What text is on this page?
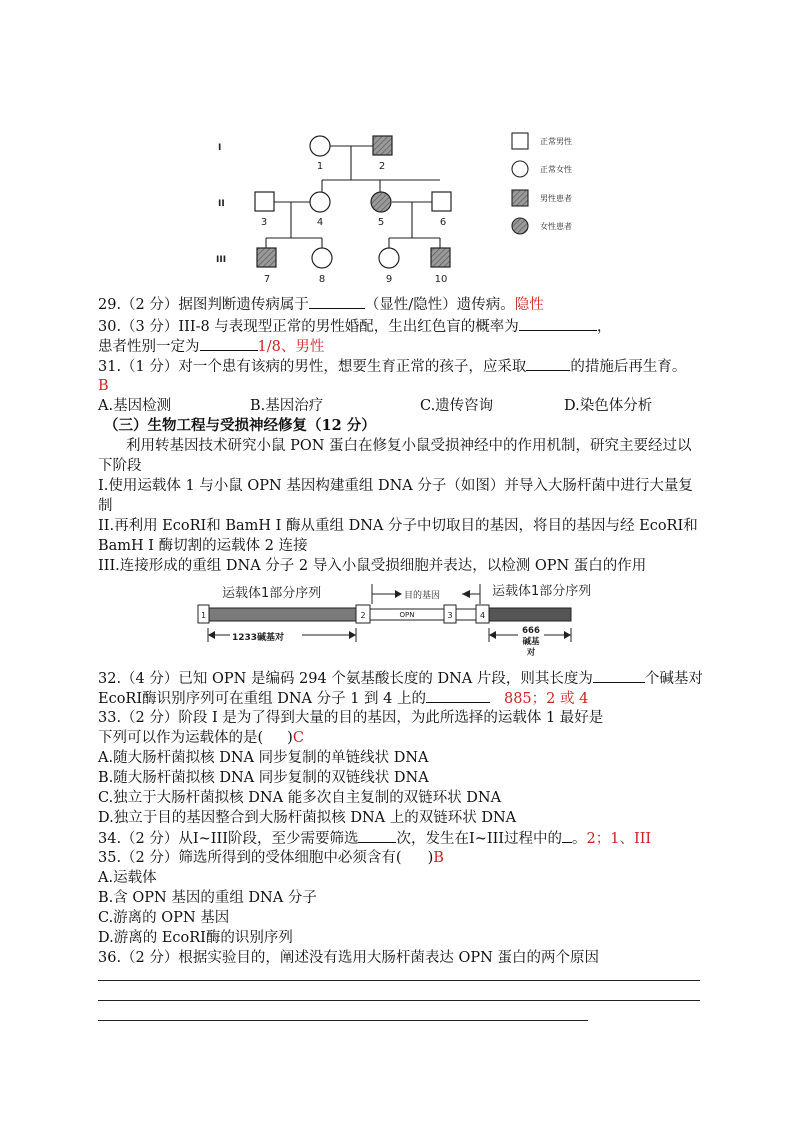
I
II
III
1	2
3	4	5	6
7	8	9	10
正常男性
正常女性
男性患者
女性患者
29.（2 分）据图判断遗传病属于	（显性/隐性）遗传病。隐性
30.（3 分）III-8 与表现型正常的男性婚配，生出红色盲的概率为	，
患者性别一定为	1/8、男性
31.（1 分）对一个患有该病的男性，想要生育正常的孩子，应采取	的措施后再生育。
B
A.基因检测	B.基因治疗	C.遗传咨询	D.染色体分析
（三）生物工程与受损神经修复（12 分）
利用转基因技术研究小鼠 PON 蛋白在修复小鼠受损神经中的作用机制，研究主要经过以
下阶段
I.使用运载体 1 与小鼠 OPN 基因构建重组 DNA 分子（如图）并导入大肠杆菌中进行大量复
制
II.再利用 EcoRI和 BamH I 酶从重组 DNA 分子中切取目的基因，将目的基因与经 EcoRI和
BamH I 酶切割的运载体 2 连接
III.连接形成的重组 DNA 分子 2 导入小鼠受损细胞并表达，以检测 OPN 蛋白的作用
运载体1部分序列	运载体1部分序列
目的基因
1	2	OPN	3	4
1233碱基对
666
碱基
对
32.（4 分）已知 OPN 是编码 294 个氨基酸长度的 DNA 片段，则其长度为	个碱基对
EcoRI酶识别序列可在重组 DNA 分子 1 到 4 上的	885；2 或 4
33.（2 分）阶段 I 是为了得到大量的目的基因，为此所选择的运载体 1 最好是
下列可以作为运载体的是( )C
A.随大肠杆菌拟核 DNA 同步复制的单链线状 DNA
B.随大肠杆菌拟核 DNA 同步复制的双链线状 DNA
C.独立于大肠杆菌拟核 DNA 能多次自主复制的双链环状 DNA
D.独立于目的基因整合到大肠杆菌拟核 DNA 上的双链环状 DNA
34.（2 分）从I~III阶段，至少需要筛选	次，发生在I~III过程中的 。2；1、III
35.（2 分）筛选所得到的受体细胞中必须含有( )B
A.运载体
B.含 OPN 基因的重组 DNA 分子
C.游离的 OPN 基因
D.游离的 EcoRI酶的识别序列
36.（2 分）根据实验目的，阐述没有选用大肠杆菌表达 OPN 蛋白的两个原因
